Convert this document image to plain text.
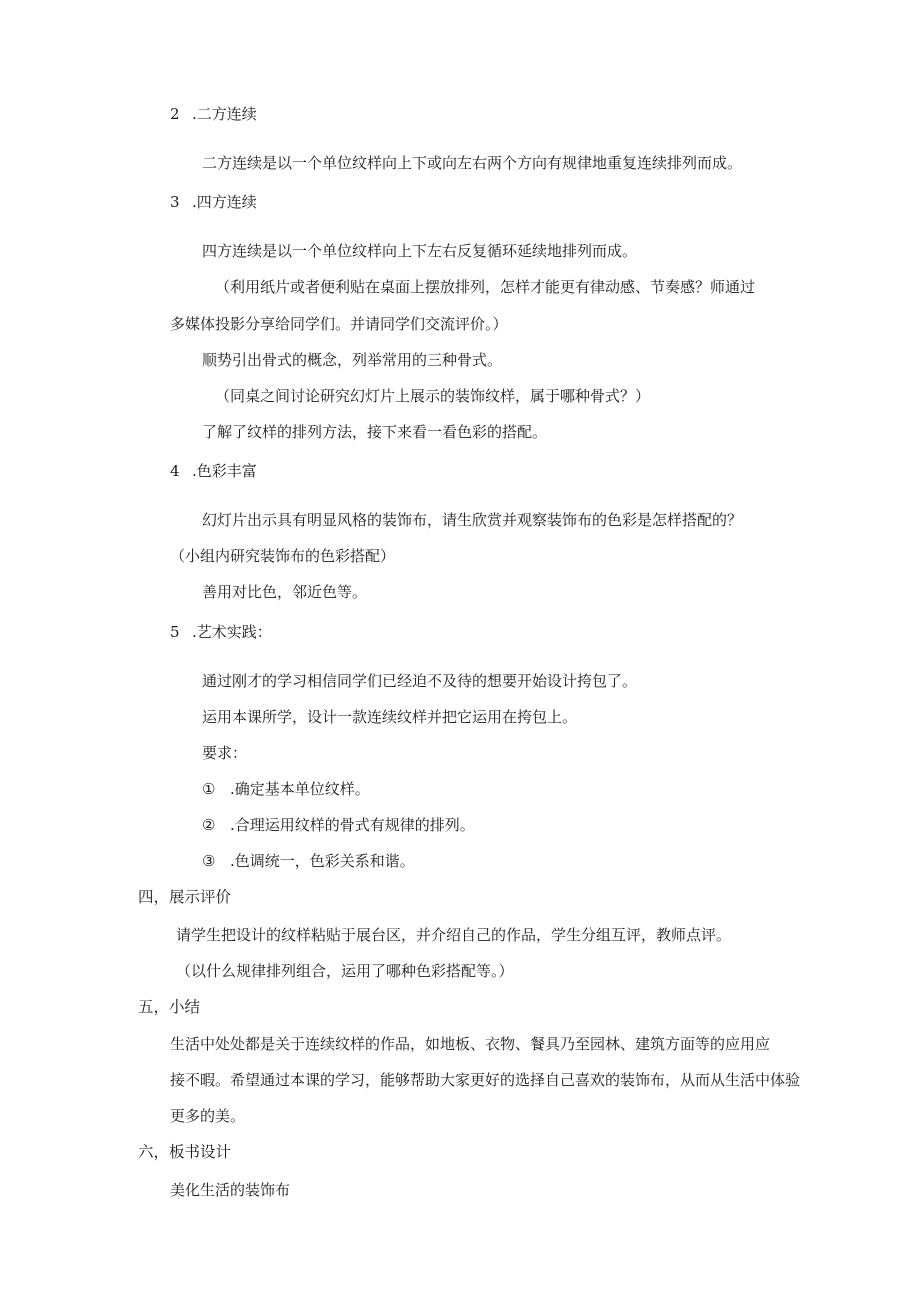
2 .二方连续
二方连续是以一个单位纹样向上下或向左右两个方向有规律地重复连续排列而成。
3 .四方连续
四方连续是以一个单位纹样向上下左右反复循环延续地排列而成。
（利用纸片或者便利贴在桌面上摆放排列，怎样才能更有律动感、节奏感？师通过
多媒体投影分享给同学们。并请同学们交流评价。）
顺势引出骨式的概念，列举常用的三种骨式。
（同桌之间讨论研究幻灯片上展示的装饰纹样，属于哪种骨式？）
了解了纹样的排列方法，接下来看一看色彩的搭配。
4 .色彩丰富
幻灯片出示具有明显风格的装饰布，请生欣赏并观察装饰布的色彩是怎样搭配的？
（小组内研究装饰布的色彩搭配）
善用对比色，邻近色等。
5 .艺术实践：
通过刚才的学习相信同学们已经迫不及待的想要开始设计挎包了。
运用本课所学，设计一款连续纹样并把它运用在挎包上。
要求：
① .确定基本单位纹样。
② .合理运用纹样的骨式有规律的排列。
③ .色调统一，色彩关系和谐。
四，展示评价
请学生把设计的纹样粘贴于展台区，并介绍自己的作品，学生分组互评，教师点评。
（以什么规律排列组合，运用了哪种色彩搭配等。）
五，小结
生活中处处都是关于连续纹样的作品，如地板、衣物、餐具乃至园林、建筑方面等的应用应
接不暇。希望通过本课的学习，能够帮助大家更好的选择自己喜欢的装饰布，从而从生活中体验
更多的美。
六，板书设计
美化生活的装饰布
